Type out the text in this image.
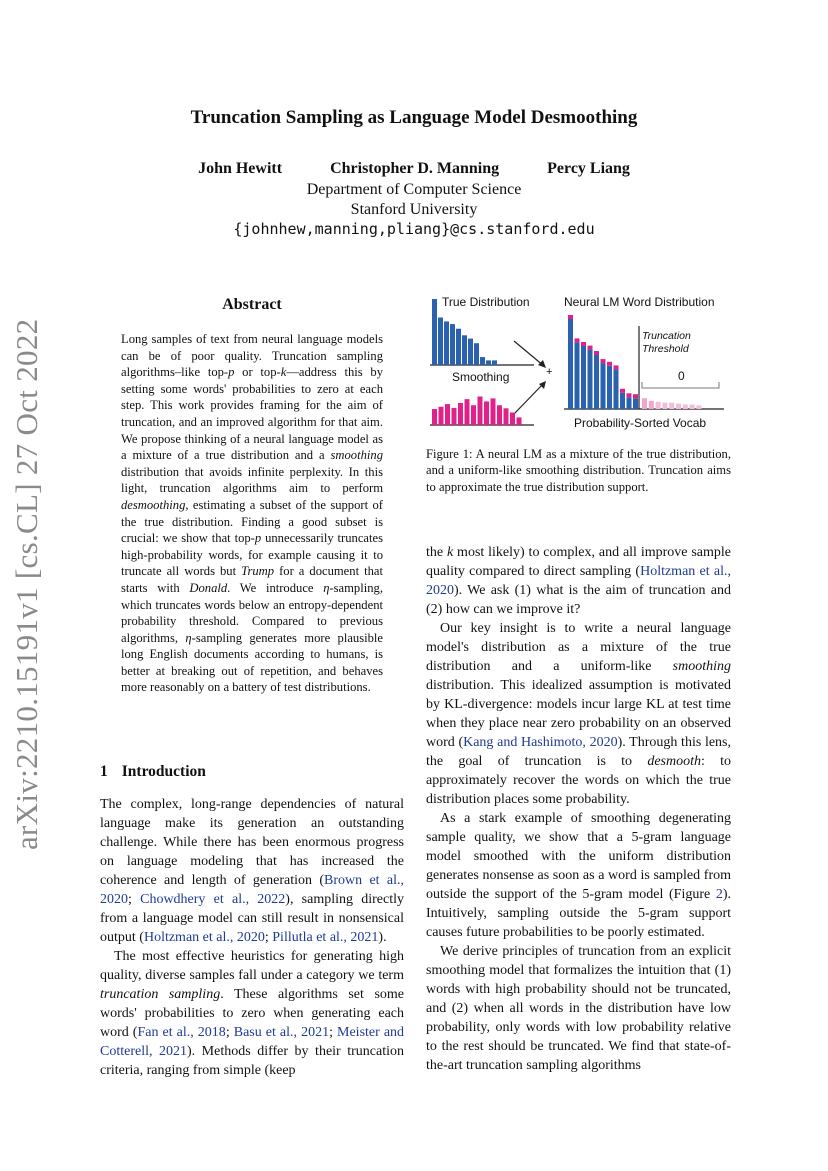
arXiv:2210.15191v1 [cs.CL] 27 Oct 2022
Truncation Sampling as Language Model Desmoothing
John Hewitt	Christopher D. Manning	Percy Liang
Department of Computer Science
Stanford University
{johnhew,manning,pliang}@cs.stanford.edu
Abstract
Long samples of text from neural language models can be of poor quality. Truncation sampling algorithms–like top-p or top-k—address this by setting some words' probabilities to zero at each step. This work provides framing for the aim of truncation, and an improved algorithm for that aim. We propose thinking of a neural language model as a mixture of a true distribution and a smoothing distribution that avoids infinite perplexity. In this light, truncation algorithms aim to perform desmoothing, estimating a subset of the support of the true distribution. Finding a good subset is crucial: we show that top-p unnecessarily truncates high-probability words, for example causing it to truncate all words but Trump for a document that starts with Donald. We introduce η-sampling, which truncates words below an entropy-dependent probability threshold. Compared to previous algorithms, η-sampling generates more plausible long English documents according to humans, is better at breaking out of repetition, and behaves more reasonably on a battery of test distributions.
1 Introduction

The complex, long-range dependencies of natural language make its generation an outstanding challenge. While there has been enormous progress on language modeling that has increased the coherence and length of generation (Brown et al., 2020; Chowdhery et al., 2022), sampling directly from a language model can still result in nonsensical output (Holtzman et al., 2020; Pillutla et al., 2021).

The most effective heuristics for generating high quality, diverse samples fall under a category we term truncation sampling. These algorithms set some words' probabilities to zero when generating each word (Fan et al., 2018; Basu et al., 2021; Meister and Cotterell, 2021). Methods differ by their truncation criteria, ranging from simple (keep

True Distribution	Neural LM Word Distribution
Smoothing
Truncation
Threshold
0
+
Probability-Sorted Vocab
Figure 1: A neural LM as a mixture of the true distribution, and a uniform-like smoothing distribution. Truncation aims to approximate the true distribution support.

the k most likely) to complex, and all improve sample quality compared to direct sampling (Holtzman et al., 2020). We ask (1) what is the aim of truncation and (2) how can we improve it?

Our key insight is to write a neural language model's distribution as a mixture of the true distribution and a uniform-like smoothing distribution. This idealized assumption is motivated by KL-divergence: models incur large KL at test time when they place near zero probability on an observed word (Kang and Hashimoto, 2020). Through this lens, the goal of truncation is to desmooth: to approximately recover the words on which the true distribution places some probability.

As a stark example of smoothing degenerating sample quality, we show that a 5-gram language model smoothed with the uniform distribution generates nonsense as soon as a word is sampled from outside the support of the 5-gram model (Figure 2). Intuitively, sampling outside the 5-gram support causes future probabilities to be poorly estimated.

We derive principles of truncation from an explicit smoothing model that formalizes the intuition that (1) words with high probability should not be truncated, and (2) when all words in the distribution have low probability, only words with low probability relative to the rest should be truncated. We find that state-of-the-art truncation sampling algorithms
